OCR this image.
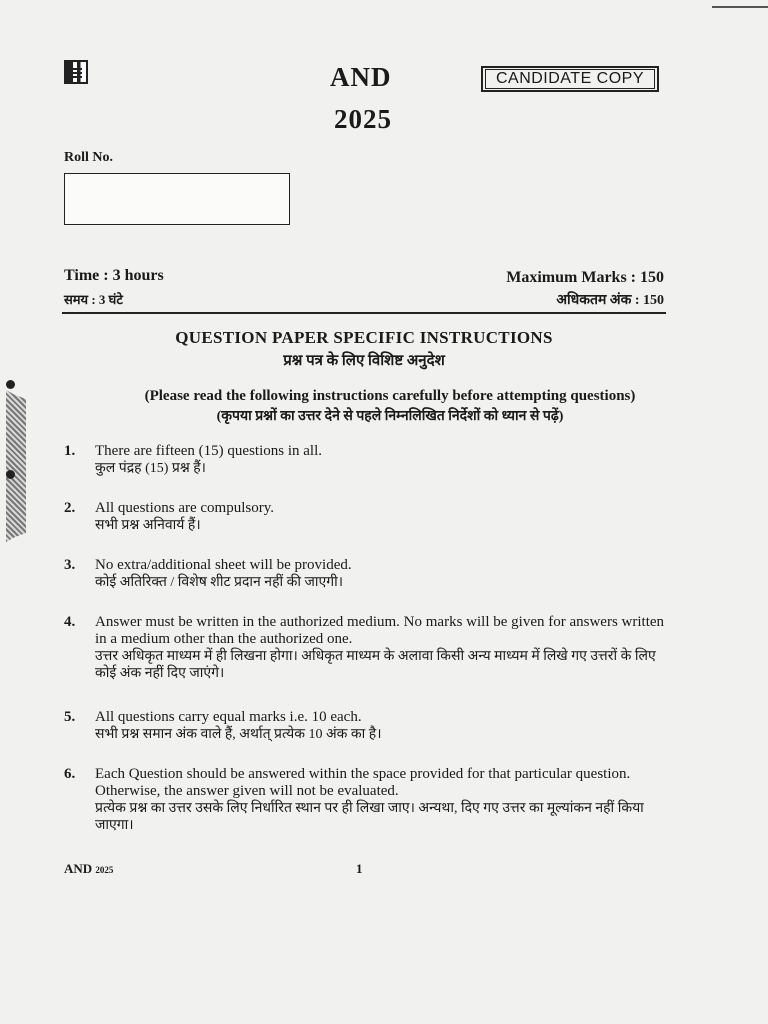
AND
2025
CANDIDATE COPY
Roll No.
Time : 3 hours
समय : 3 घंटे
Maximum Marks : 150
अधिकतम अंक : 150
QUESTION PAPER SPECIFIC INSTRUCTIONS
प्रश्न पत्र के लिए विशिष्ट अनुदेश
(Please read the following instructions carefully before attempting questions)
(कृपया प्रश्नों का उत्तर देने से पहले निम्नलिखित निर्देशों को ध्यान से पढ़ें)
1. There are fifteen (15) questions in all.
कुल पंद्रह (15) प्रश्न हैं।
2. All questions are compulsory.
सभी प्रश्न अनिवार्य हैं।
3. No extra/additional sheet will be provided.
कोई अतिरिक्त / विशेष शीट प्रदान नहीं की जाएगी।
4. Answer must be written in the authorized medium. No marks will be given for answers written in a medium other than the authorized one.
उत्तर अधिकृत माध्यम में ही लिखना होगा। अधिकृत माध्यम के अलावा किसी अन्य माध्यम में लिखे गए उत्तरों के लिए कोई अंक नहीं दिए जाएंगे।
5. All questions carry equal marks i.e. 10 each.
सभी प्रश्न समान अंक वाले हैं, अर्थात् प्रत्येक 10 अंक का है।
6. Each Question should be answered within the space provided for that particular question. Otherwise, the answer given will not be evaluated.
प्रत्येक प्रश्न का उत्तर उसके लिए निर्धारित स्थान पर ही लिखा जाए। अन्यथा, दिए गए उत्तर का मूल्यांकन नहीं किया जाएगा।
AND 2025	1
